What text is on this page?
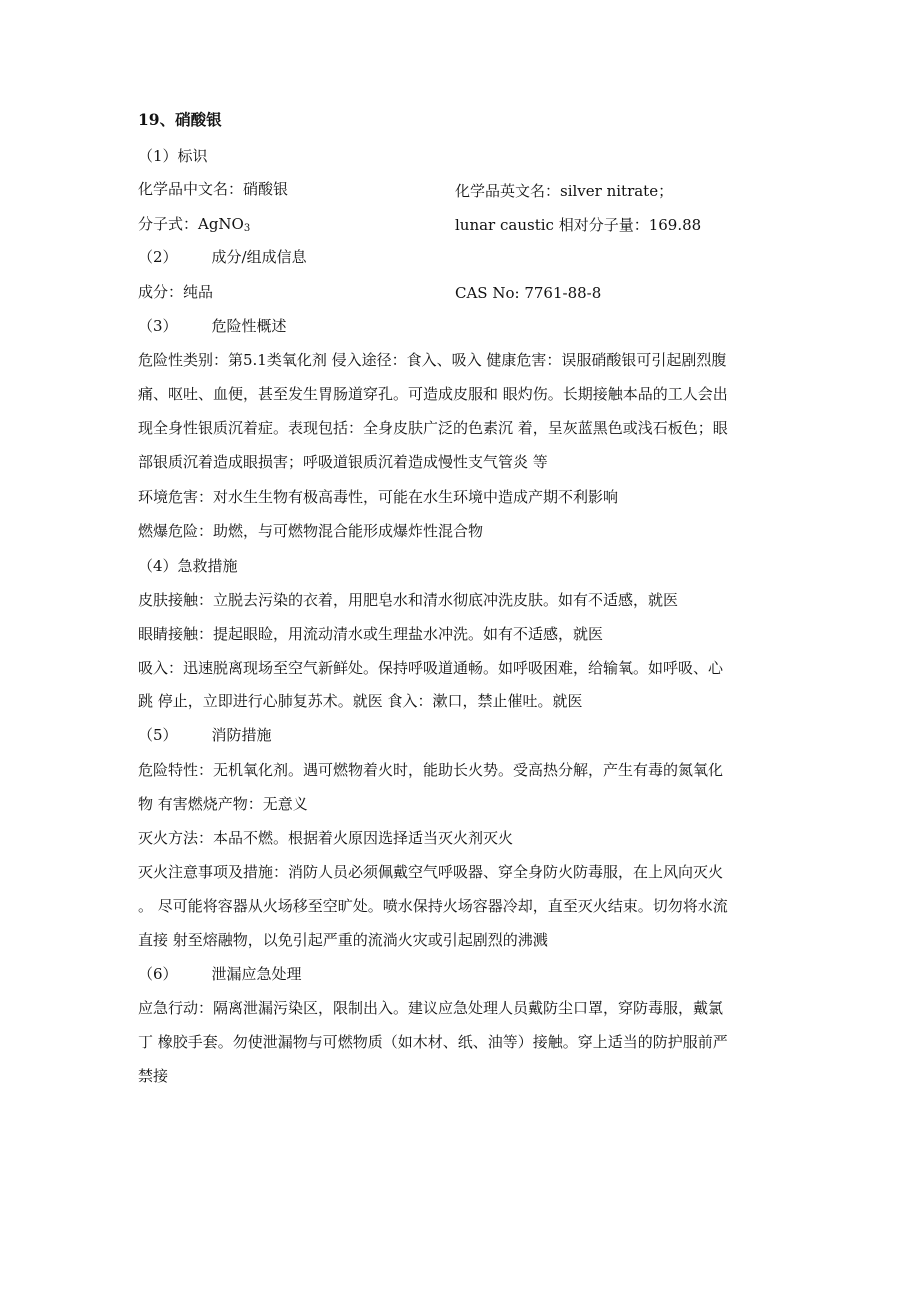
19、硝酸银
（1）标识
化学品中文名：硝酸银	化学品英文名：silver nitrate；
分子式：AgNO$_3$	lunar caustic 相对分子量：169.88
（2） 成分/组成信息
成分：纯品	CAS No: 7761-88-8
（3） 危险性概述
危险性类别：第5.1类氧化剂 侵入途径：食入、吸入 健康危害：误服硝酸银可引起剧烈腹
痛、呕吐、血便，甚至发生胃肠道穿孔。可造成皮服和 眼灼伤。长期接触本品的工人会出
现全身性银质沉着症。表现包括：全身皮肤广泛的色素沉 着，呈灰蓝黑色或浅石板色；眼
部银质沉着造成眼损害；呼吸道银质沉着造成慢性支气管炎 等
环境危害：对水生生物有极高毒性，可能在水生环境中造成产期不利影响
燃爆危险：助燃，与可燃物混合能形成爆炸性混合物
（4）急救措施
皮肤接触：立脱去污染的衣着，用肥皂水和清水彻底冲洗皮肤。如有不适感，就医
眼睛接触：提起眼睑，用流动清水或生理盐水冲洗。如有不适感，就医
吸入：迅速脱离现场至空气新鲜处。保持呼吸道通畅。如呼吸困难，给输氧。如呼吸、心
跳 停止，立即进行心肺复苏术。就医 食入：漱口，禁止催吐。就医
（5） 消防措施
危险特性：无机氧化剂。遇可燃物着火时，能助长火势。受高热分解，产生有毒的氮氧化
物 有害燃烧产物：无意义
灭火方法：本品不燃。根据着火原因选择适当灭火剂灭火
灭火注意事项及措施：消防人员必须佩戴空气呼吸器、穿全身防火防毒服，在上风向灭火
。 尽可能将容器从火场移至空旷处。喷水保持火场容器冷却，直至灭火结束。切勿将水流
直接 射至熔融物，以免引起严重的流淌火灾或引起剧烈的沸溅
（6） 泄漏应急处理
应急行动：隔离泄漏污染区，限制出入。建议应急处理人员戴防尘口罩，穿防毒服，戴氯
丁 橡胶手套。勿使泄漏物与可燃物质（如木材、纸、油等）接触。穿上适当的防护服前严
禁接
